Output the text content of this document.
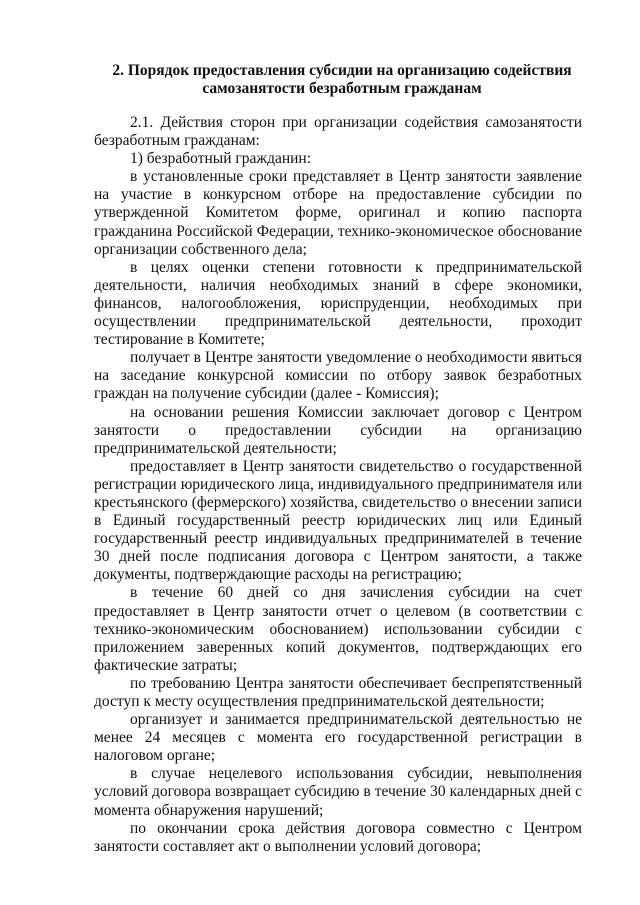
2. Порядок предоставления субсидии на организацию содействия
самозанятости безработным гражданам

2.1. Действия сторон при организации содействия самозанятости безработным гражданам:

1) безработный гражданин:

в установленные сроки представляет в Центр занятости заявление на участие в конкурсном отборе на предоставление субсидии по утвержденной Комитетом форме, оригинал и копию паспорта гражданина Российской Федерации, технико-экономическое обоснование организации собственного дела;

в целях оценки степени готовности к предпринимательской деятельности, наличия необходимых знаний в сфере экономики, финансов, налогообложения, юриспруденции, необходимых при осуществлении предпринимательской деятельности, проходит тестирование в Комитете;

получает в Центре занятости уведомление о необходимости явиться на заседание конкурсной комиссии по отбору заявок безработных граждан на получение субсидии (далее - Комиссия);

на основании решения Комиссии заключает договор с Центром занятости о предоставлении субсидии на организацию предпринимательской деятельности;

предоставляет в Центр занятости свидетельство о государственной регистрации юридического лица, индивидуального предпринимателя или крестьянского (фермерского) хозяйства, свидетельство о внесении записи в Единый государственный реестр юридических лиц или Единый государственный реестр индивидуальных предпринимателей в течение 30 дней после подписания договора с Центром занятости, а также документы, подтверждающие расходы на регистрацию;

в течение 60 дней со дня зачисления субсидии на счет предоставляет в Центр занятости отчет о целевом (в соответствии с технико-экономическим обоснованием) использовании субсидии с приложением заверенных копий документов, подтверждающих его фактические затраты;

по требованию Центра занятости обеспечивает беспрепятственный доступ к месту осуществления предпринимательской деятельности;

организует и занимается предпринимательской деятельностью не менее 24 месяцев с момента его государственной регистрации в налоговом органе;

в случае нецелевого использования субсидии, невыполнения условий договора возвращает субсидию в течение 30 календарных дней с момента обнаружения нарушений;

по окончании срока действия договора совместно с Центром занятости составляет акт о выполнении условий договора;
